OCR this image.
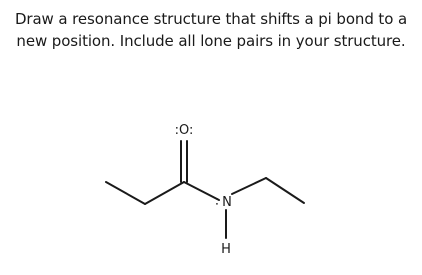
Draw a resonance structure that shifts a pi bond to a
new position. Include all lone pairs in your structure.
:O:
N
∶
H
